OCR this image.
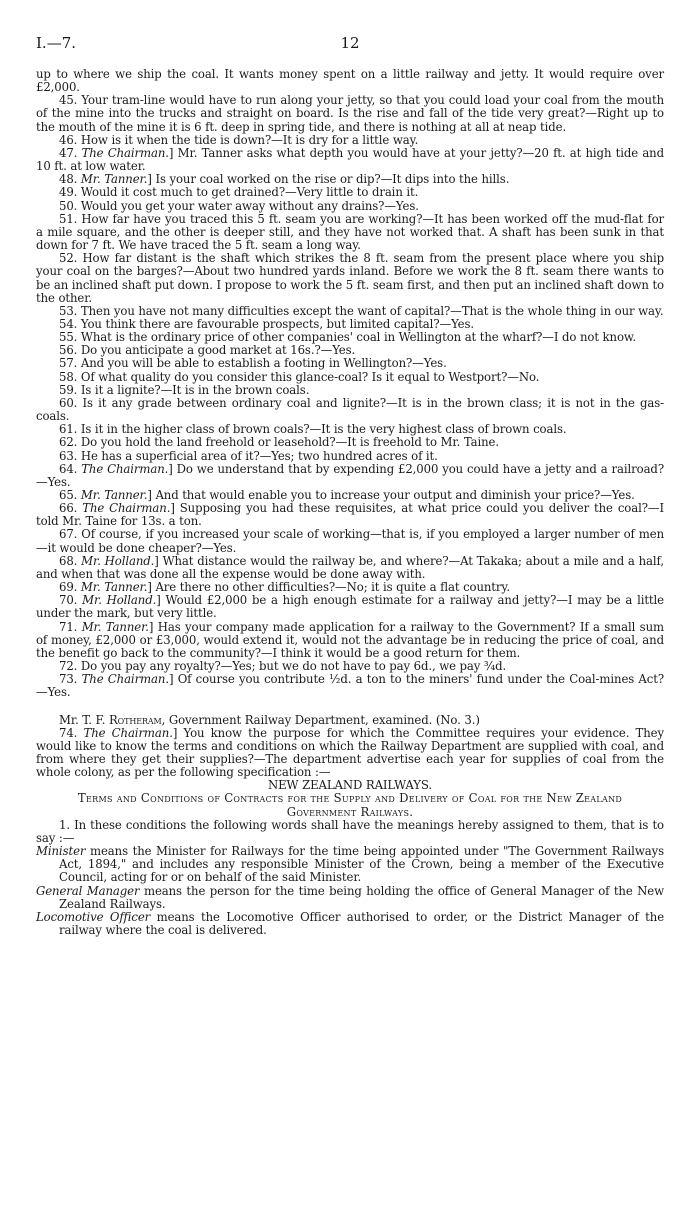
I.—7.	12

up to where we ship the coal. It wants money spent on a little railway and jetty. It would require over £2,000.

45. Your tram-line would have to run along your jetty, so that you could load your coal from the mouth of the mine into the trucks and straight on board. Is the rise and fall of the tide very great?—Right up to the mouth of the mine it is 6 ft. deep in spring tide, and there is nothing at all at neap tide.

46. How is it when the tide is down?—It is dry for a little way.

47. The Chairman.] Mr. Tanner asks what depth you would have at your jetty?—20 ft. at high tide and 10 ft. at low water.

48. Mr. Tanner.] Is your coal worked on the rise or dip?—It dips into the hills.

49. Would it cost much to get drained?—Very little to drain it.

50. Would you get your water away without any drains?—Yes.

51. How far have you traced this 5 ft. seam you are working?—It has been worked off the mud-flat for a mile square, and the other is deeper still, and they have not worked that. A shaft has been sunk in that down for 7 ft. We have traced the 5 ft. seam a long way.

52. How far distant is the shaft which strikes the 8 ft. seam from the present place where you ship your coal on the barges?—About two hundred yards inland. Before we work the 8 ft. seam there wants to be an inclined shaft put down. I propose to work the 5 ft. seam first, and then put an inclined shaft down to the other.

53. Then you have not many difficulties except the want of capital?—That is the whole thing in our way.

54. You think there are favourable prospects, but limited capital?—Yes.

55. What is the ordinary price of other companies' coal in Wellington at the wharf?—I do not know.

56. Do you anticipate a good market at 16s.?—Yes.

57. And you will be able to establish a footing in Wellington?—Yes.

58. Of what quality do you consider this glance-coal? Is it equal to Westport?—No.

59. Is it a lignite?—It is in the brown coals.

60. Is it any grade between ordinary coal and lignite?—It is in the brown class; it is not in the gas-coals.

61. Is it in the higher class of brown coals?—It is the very highest class of brown coals.

62. Do you hold the land freehold or leasehold?—It is freehold to Mr. Taine.

63. He has a superficial area of it?—Yes; two hundred acres of it.

64. The Chairman.] Do we understand that by expending £2,000 you could have a jetty and a railroad?—Yes.

65. Mr. Tanner.] And that would enable you to increase your output and diminish your price?—Yes.

66. The Chairman.] Supposing you had these requisites, at what price could you deliver the coal?—I told Mr. Taine for 13s. a ton.

67. Of course, if you increased your scale of working—that is, if you employed a larger number of men—it would be done cheaper?—Yes.

68. Mr. Holland.] What distance would the railway be, and where?—At Takaka; about a mile and a half, and when that was done all the expense would be done away with.

69. Mr. Tanner.] Are there no other difficulties?—No; it is quite a flat country.

70. Mr. Holland.] Would £2,000 be a high enough estimate for a railway and jetty?—I may be a little under the mark, but very little.

71. Mr. Tanner.] Has your company made application for a railway to the Government? If a small sum of money, £2,000 or £3,000, would extend it, would not the advantage be in reducing the price of coal, and the benefit go back to the community?—I think it would be a good return for them.

72. Do you pay any royalty?—Yes; but we do not have to pay 6d., we pay ¾d.

73. The Chairman.] Of course you contribute ½d. a ton to the miners' fund under the Coal-mines Act?—Yes.

Mr. T. F. Rotheram, Government Railway Department, examined. (No. 3.)

74. The Chairman.] You know the purpose for which the Committee requires your evidence. They would like to know the terms and conditions on which the Railway Department are supplied with coal, and from where they get their supplies?—The department advertise each year for supplies of coal from the whole colony, as per the following specification :—

NEW ZEALAND RAILWAYS.

Terms and Conditions of Contracts for the Supply and Delivery of Coal for the New Zealand Government Railways.

1. In these conditions the following words shall have the meanings hereby assigned to them, that is to say :—

Minister means the Minister for Railways for the time being appointed under "The Government Railways Act, 1894," and includes any responsible Minister of the Crown, being a member of the Executive Council, acting for or on behalf of the said Minister.

General Manager means the person for the time being holding the office of General Manager of the New Zealand Railways.

Locomotive Officer means the Locomotive Officer authorised to order, or the District Manager of the railway where the coal is delivered.
